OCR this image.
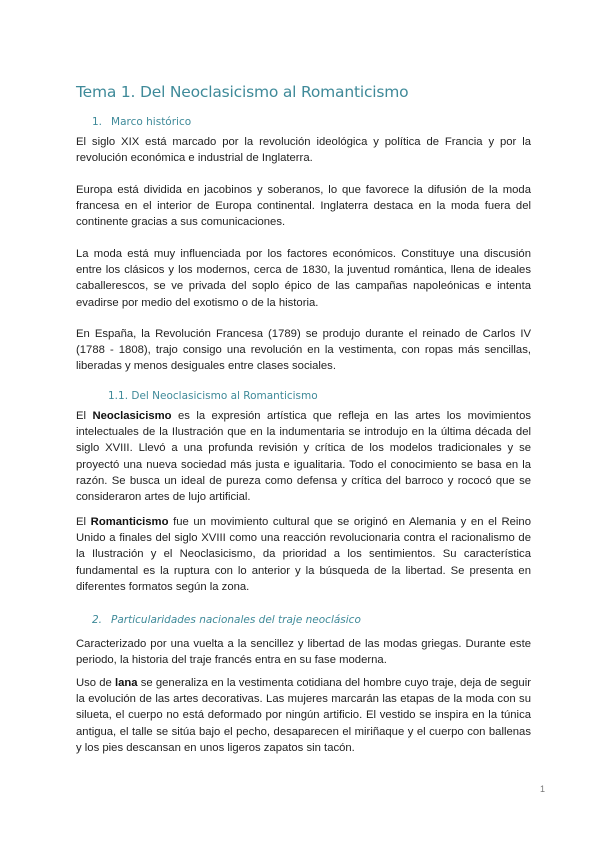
Tema 1. Del Neoclasicismo al Romanticismo
1. Marco histórico

El siglo XIX está marcado por la revolución ideológica y política de Francia y por la revolución económica e industrial de Inglaterra.

Europa está dividida en jacobinos y soberanos, lo que favorece la difusión de la moda francesa en el interior de Europa continental. Inglaterra destaca en la moda fuera del continente gracias a sus comunicaciones.

La moda está muy influenciada por los factores económicos. Constituye una discusión entre los clásicos y los modernos, cerca de 1830, la juventud romántica, llena de ideales caballerescos, se ve privada del soplo épico de las campañas napoleónicas e intenta evadirse por medio del exotismo o de la historia.

En España, la Revolución Francesa (1789) se produjo durante el reinado de Carlos IV (1788 - 1808), trajo consigo una revolución en la vestimenta, con ropas más sencillas, liberadas y menos desiguales entre clases sociales.

1.1. Del Neoclasicismo al Romanticismo

El Neoclasicismo es la expresión artística que refleja en las artes los movimientos intelectuales de la Ilustración que en la indumentaria se introdujo en la última década del siglo XVIII. Llevó a una profunda revisión y crítica de los modelos tradicionales y se proyectó una nueva sociedad más justa e igualitaria. Todo el conocimiento se basa en la razón. Se busca un ideal de pureza como defensa y crítica del barroco y rococó que se consideraron artes de lujo artificial.

El Romanticismo fue un movimiento cultural que se originó en Alemania y en el Reino Unido a finales del siglo XVIII como una reacción revolucionaria contra el racionalismo de la Ilustración y el Neoclasicismo, da prioridad a los sentimientos. Su característica fundamental es la ruptura con lo anterior y la búsqueda de la libertad. Se presenta en diferentes formatos según la zona.

2. Particularidades nacionales del traje neoclásico

Caracterizado por una vuelta a la sencillez y libertad de las modas griegas. Durante este periodo, la historia del traje francés entra en su fase moderna.

Uso de lana se generaliza en la vestimenta cotidiana del hombre cuyo traje, deja de seguir la evolución de las artes decorativas. Las mujeres marcarán las etapas de la moda con su silueta, el cuerpo no está deformado por ningún artificio. El vestido se inspira en la túnica antigua, el talle se sitúa bajo el pecho, desaparecen el miriñaque y el cuerpo con ballenas y los pies descansan en unos ligeros zapatos sin tacón.

1
